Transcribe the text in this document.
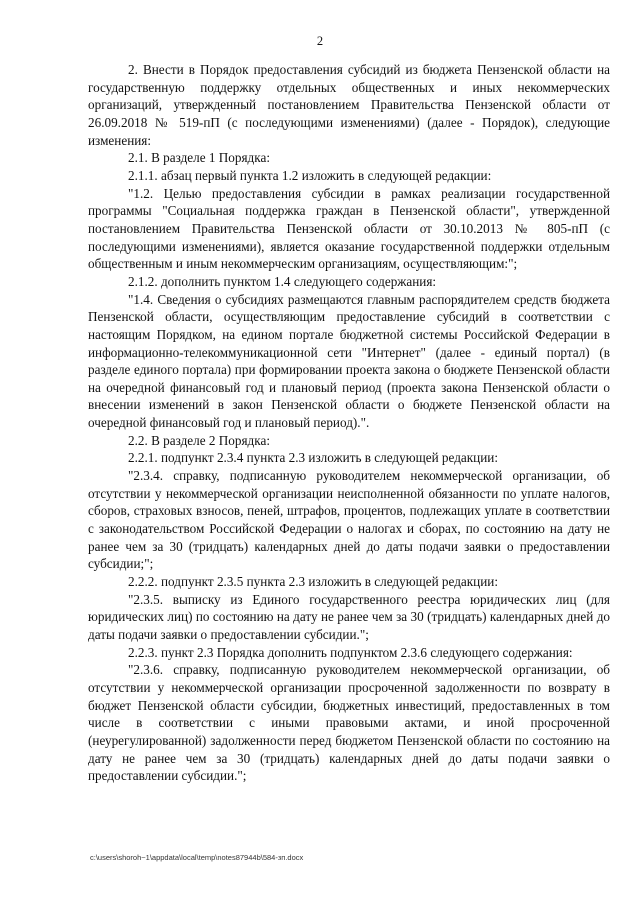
2

2. Внести в Порядок предоставления субсидий из бюджета Пензенской области на государственную поддержку отдельных общественных и иных некоммерческих организаций, утвержденный постановлением Правительства Пензенской области от 26.09.2018 № 519-пП (с последующими изменениями) (далее - Порядок), следующие изменения:

2.1. В разделе 1 Порядка:

2.1.1. абзац первый пункта 1.2 изложить в следующей редакции:

"1.2. Целью предоставления субсидии в рамках реализации государственной программы "Социальная поддержка граждан в Пензенской области", утвержденной постановлением Правительства Пензенской области от 30.10.2013 № 805-пП (с последующими изменениями), является оказание государственной поддержки отдельным общественным и иным некоммерческим организациям, осуществляющим:";

2.1.2. дополнить пунктом 1.4 следующего содержания:

"1.4. Сведения о субсидиях размещаются главным распорядителем средств бюджета Пензенской области, осуществляющим предоставление субсидий в соответствии с настоящим Порядком, на едином портале бюджетной системы Российской Федерации в информационно-телекоммуникационной сети "Интернет" (далее - единый портал) (в разделе единого портала) при формировании проекта закона о бюджете Пензенской области на очередной финансовый год и плановый период (проекта закона Пензенской области о внесении изменений в закон Пензенской области о бюджете Пензенской области на очередной финансовый год и плановый период).".

2.2. В разделе 2 Порядка:

2.2.1. подпункт 2.3.4 пункта 2.3 изложить в следующей редакции:

"2.3.4. справку, подписанную руководителем некоммерческой организации, об отсутствии у некоммерческой организации неисполненной обязанности по уплате налогов, сборов, страховых взносов, пеней, штрафов, процентов, подлежащих уплате в соответствии с законодательством Российской Федерации о налогах и сборах, по состоянию на дату не ранее чем за 30 (тридцать) календарных дней до даты подачи заявки о предоставлении субсидии;";

2.2.2. подпункт 2.3.5 пункта 2.3 изложить в следующей редакции:

"2.3.5. выписку из Единого государственного реестра юридических лиц (для юридических лиц) по состоянию на дату не ранее чем за 30 (тридцать) календарных дней до даты подачи заявки о предоставлении субсидии.";

2.2.3. пункт 2.3 Порядка дополнить подпунктом 2.3.6 следующего содержания:

"2.3.6. справку, подписанную руководителем некоммерческой организации, об отсутствии у некоммерческой организации просроченной задолженности по возврату в бюджет Пензенской области субсидии, бюджетных инвестиций, предоставленных в том числе в соответствии с иными правовыми актами, и иной просроченной (неурегулированной) задолженности перед бюджетом Пензенской области по состоянию на дату не ранее чем за 30 (тридцать) календарных дней до даты подачи заявки о предоставлении субсидии.";

c:\users\shoroh~1\appdata\local\temp\notes87944b\584-зп.docx
